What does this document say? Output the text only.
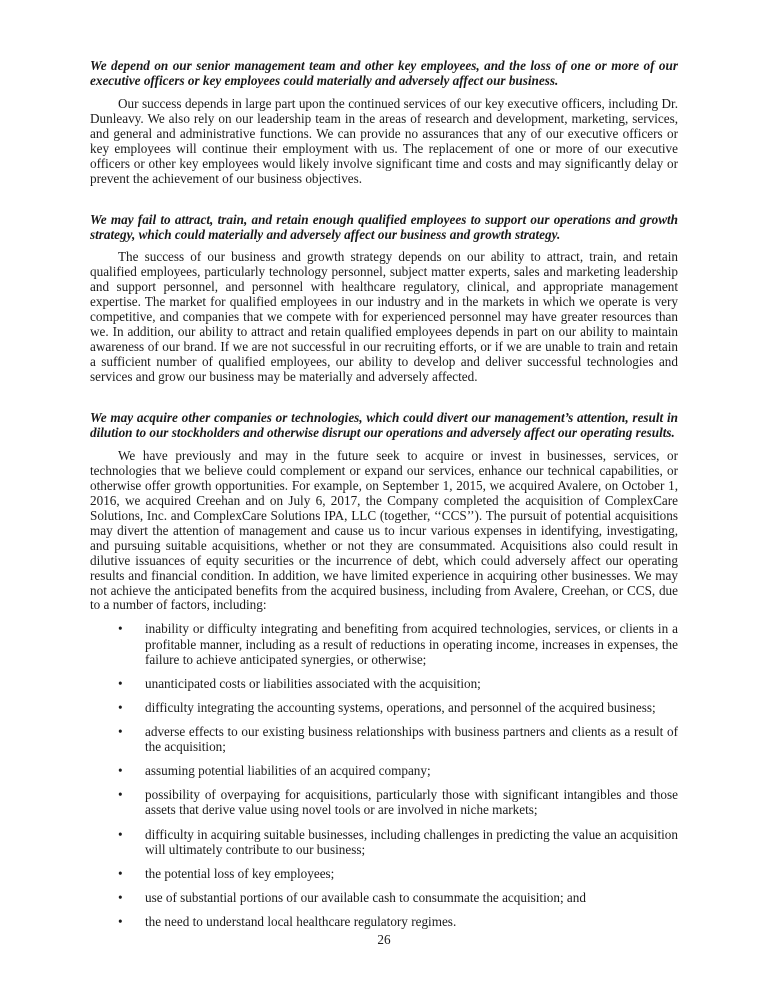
We depend on our senior management team and other key employees, and the loss of one or more of our executive officers or key employees could materially and adversely affect our business.

Our success depends in large part upon the continued services of our key executive officers, including Dr. Dunleavy. We also rely on our leadership team in the areas of research and development, marketing, services, and general and administrative functions. We can provide no assurances that any of our executive officers or key employees will continue their employment with us. The replacement of one or more of our executive officers or other key employees would likely involve significant time and costs and may significantly delay or prevent the achievement of our business objectives.

We may fail to attract, train, and retain enough qualified employees to support our operations and growth strategy, which could materially and adversely affect our business and growth strategy.

The success of our business and growth strategy depends on our ability to attract, train, and retain qualified employees, particularly technology personnel, subject matter experts, sales and marketing leadership and support personnel, and personnel with healthcare regulatory, clinical, and appropriate management expertise. The market for qualified employees in our industry and in the markets in which we operate is very competitive, and companies that we compete with for experienced personnel may have greater resources than we. In addition, our ability to attract and retain qualified employees depends in part on our ability to maintain awareness of our brand. If we are not successful in our recruiting efforts, or if we are unable to train and retain a sufficient number of qualified employees, our ability to develop and deliver successful technologies and services and grow our business may be materially and adversely affected.

We may acquire other companies or technologies, which could divert our management’s attention, result in dilution to our stockholders and otherwise disrupt our operations and adversely affect our operating results.

We have previously and may in the future seek to acquire or invest in businesses, services, or technologies that we believe could complement or expand our services, enhance our technical capabilities, or otherwise offer growth opportunities. For example, on September 1, 2015, we acquired Avalere, on October 1, 2016, we acquired Creehan and on July 6, 2017, the Company completed the acquisition of ComplexCare Solutions, Inc. and ComplexCare Solutions IPA, LLC (together, ‘‘CCS’’). The pursuit of potential acquisitions may divert the attention of management and cause us to incur various expenses in identifying, investigating, and pursuing suitable acquisitions, whether or not they are consummated. Acquisitions also could result in dilutive issuances of equity securities or the incurrence of debt, which could adversely affect our operating results and financial condition. In addition, we have limited experience in acquiring other businesses. We may not achieve the anticipated benefits from the acquired business, including from Avalere, Creehan, or CCS, due to a number of factors, including:

• inability or difficulty integrating and benefiting from acquired technologies, services, or clients in a profitable manner, including as a result of reductions in operating income, increases in expenses, the failure to achieve anticipated synergies, or otherwise;
• unanticipated costs or liabilities associated with the acquisition;
• difficulty integrating the accounting systems, operations, and personnel of the acquired business;
• adverse effects to our existing business relationships with business partners and clients as a result of the acquisition;
• assuming potential liabilities of an acquired company;
• possibility of overpaying for acquisitions, particularly those with significant intangibles and those assets that derive value using novel tools or are involved in niche markets;
• difficulty in acquiring suitable businesses, including challenges in predicting the value an acquisition will ultimately contribute to our business;
• the potential loss of key employees;
• use of substantial portions of our available cash to consummate the acquisition; and
• the need to understand local healthcare regulatory regimes.
26
